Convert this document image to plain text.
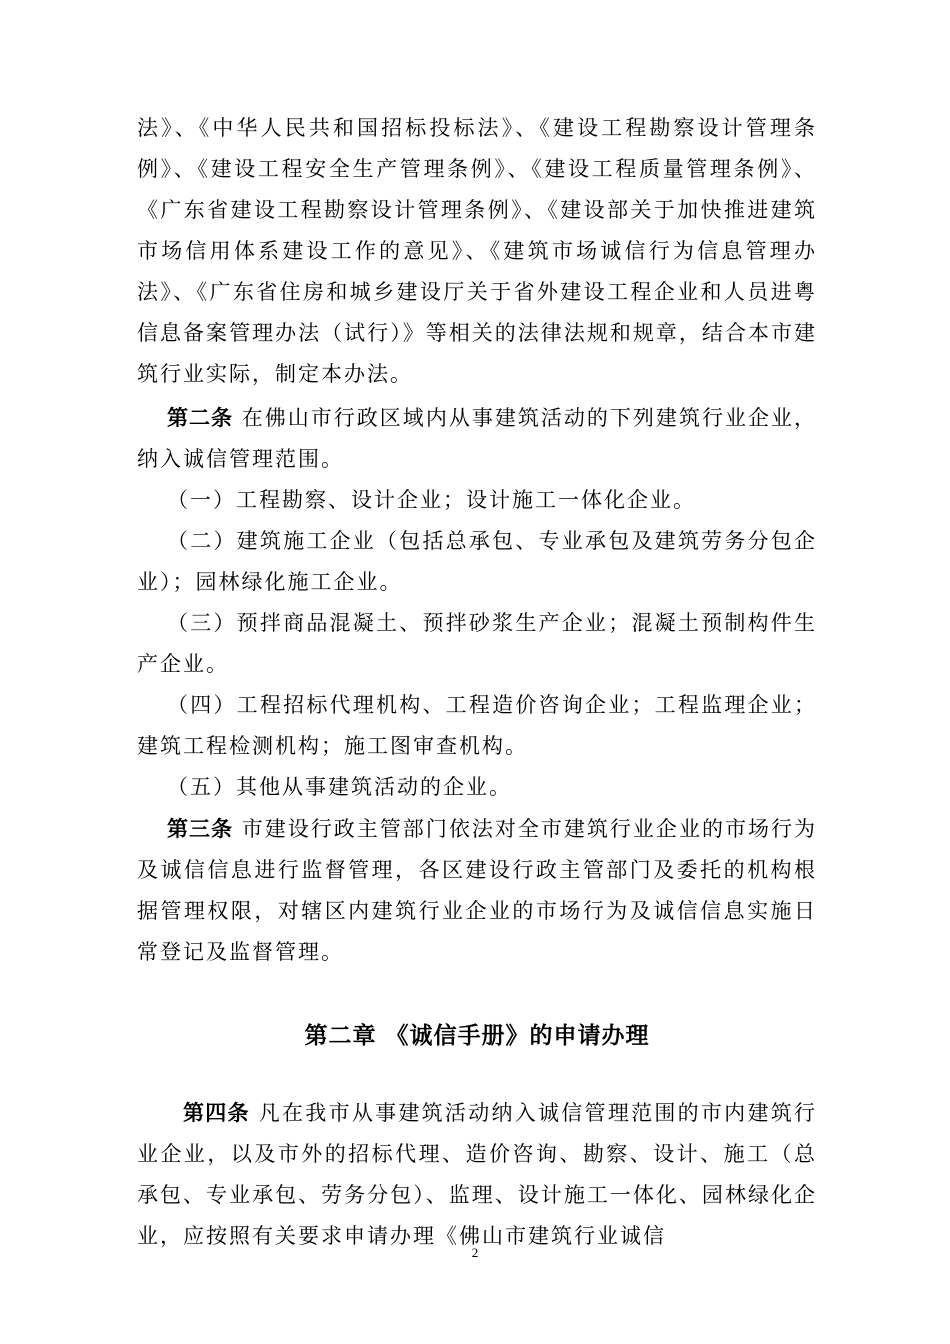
法》、《中华人民共和国招标投标法》、《建设工程勘察设计管理条例》、《建设工程安全生产管理条例》、《建设工程质量管理条例》、《广东省建设工程勘察设计管理条例》、《建设部关于加快推进建筑市场信用体系建设工作的意见》、《建筑市场诚信行为信息管理办法》、《广东省住房和城乡建设厅关于省外建设工程企业和人员进粤信息备案管理办法（试行）》等相关的法律法规和规章，结合本市建筑行业实际，制定本办法。

第二条 在佛山市行政区域内从事建筑活动的下列建筑行业企业，纳入诚信管理范围。

（一）工程勘察、设计企业；设计施工一体化企业。

（二）建筑施工企业（包括总承包、专业承包及建筑劳务分包企业）；园林绿化施工企业。

（三）预拌商品混凝土、预拌砂浆生产企业；混凝土预制构件生产企业。

（四）工程招标代理机构、工程造价咨询企业；工程监理企业；建筑工程检测机构；施工图审查机构。

（五）其他从事建筑活动的企业。

第三条 市建设行政主管部门依法对全市建筑行业企业的市场行为及诚信信息进行监督管理，各区建设行政主管部门及委托的机构根据管理权限，对辖区内建筑行业企业的市场行为及诚信信息实施日常登记及监督管理。

第二章 《诚信手册》的申请办理

第四条 凡在我市从事建筑活动纳入诚信管理范围的市内建筑行业企业，以及市外的招标代理、造价咨询、勘察、设计、施工（总承包、专业承包、劳务分包）、监理、设计施工一体化、园林绿化企业，应按照有关要求申请办理《佛山市建筑行业诚信

2
